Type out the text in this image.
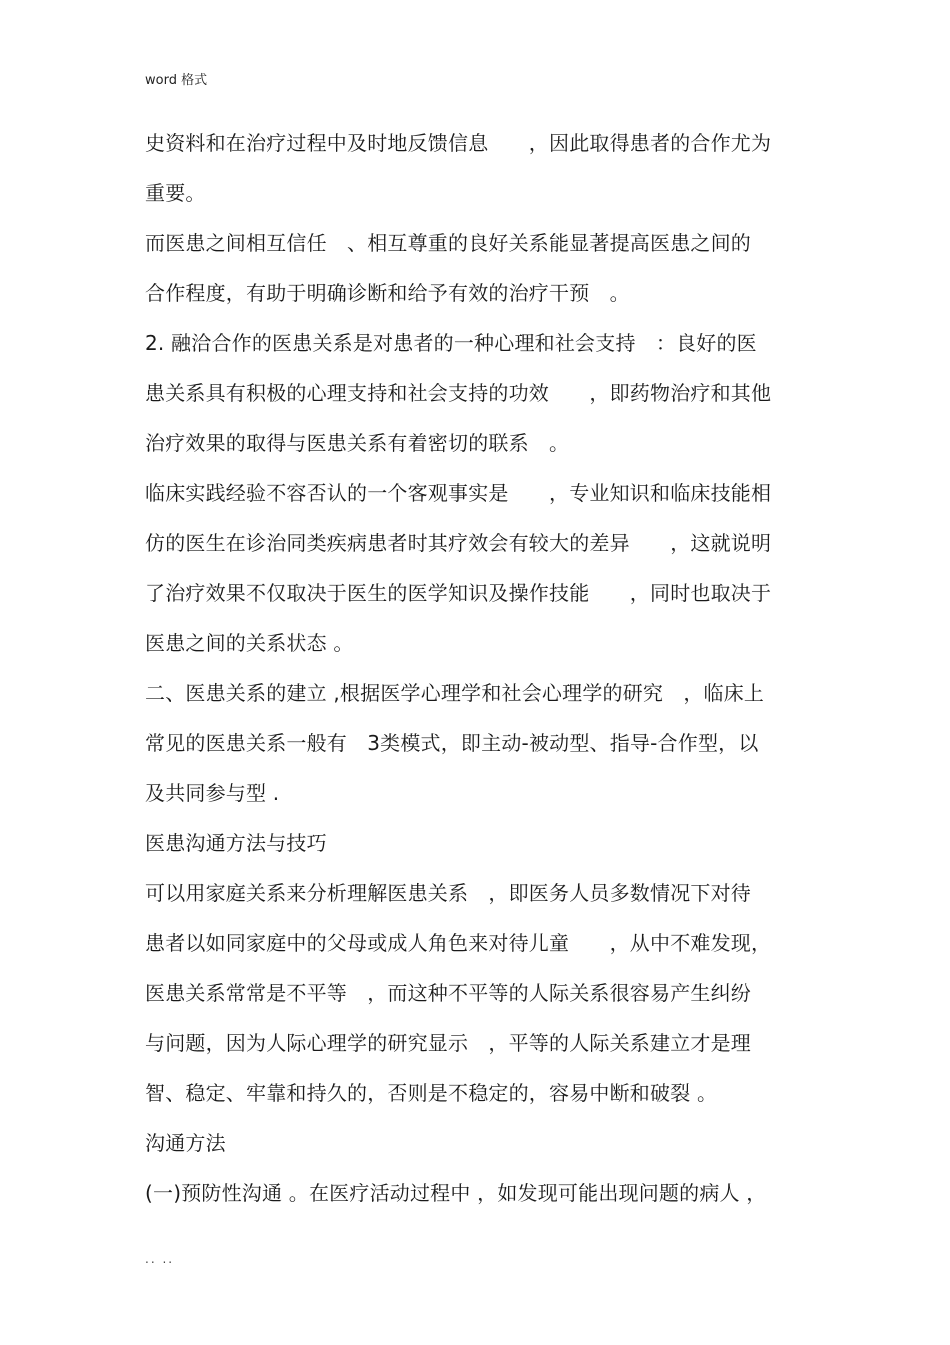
word 格式
史资料和在治疗过程中及时地反馈信息　　，因此取得患者的合作尤为
重要。
而医患之间相互信任　、相互尊重的良好关系能显著提高医患之间的
合作程度，有助于明确诊断和给予有效的治疗干预　。
2. 融洽合作的医患关系是对患者的一种心理和社会支持　：良好的医
患关系具有积极的心理支持和社会支持的功效　　，即药物治疗和其他
治疗效果的取得与医患关系有着密切的联系　。
临床实践经验不容否认的一个客观事实是　　，专业知识和临床技能相
仿的医生在诊治同类疾病患者时其疗效会有较大的差异　　，这就说明
了治疗效果不仅取决于医生的医学知识及操作技能　　，同时也取决于
医患之间的关系状态 。
二、医患关系的建立 ,根据医学心理学和社会心理学的研究　，临床上
常见的医患关系一般有　3类模式，即主动-被动型、指导-合作型，以
及共同参与型 .
医患沟通方法与技巧
可以用家庭关系来分析理解医患关系　，即医务人员多数情况下对待
患者以如同家庭中的父母或成人角色来对待儿童　　，从中不难发现，
医患关系常常是不平等　，而这种不平等的人际关系很容易产生纠纷
与问题，因为人际心理学的研究显示　，平等的人际关系建立才是理
智、稳定、牢靠和持久的，否则是不稳定的，容易中断和破裂 。
沟通方法
(一)预防性沟通 。在医疗活动过程中 ，如发现可能出现问题的病人 ，
.. ..
